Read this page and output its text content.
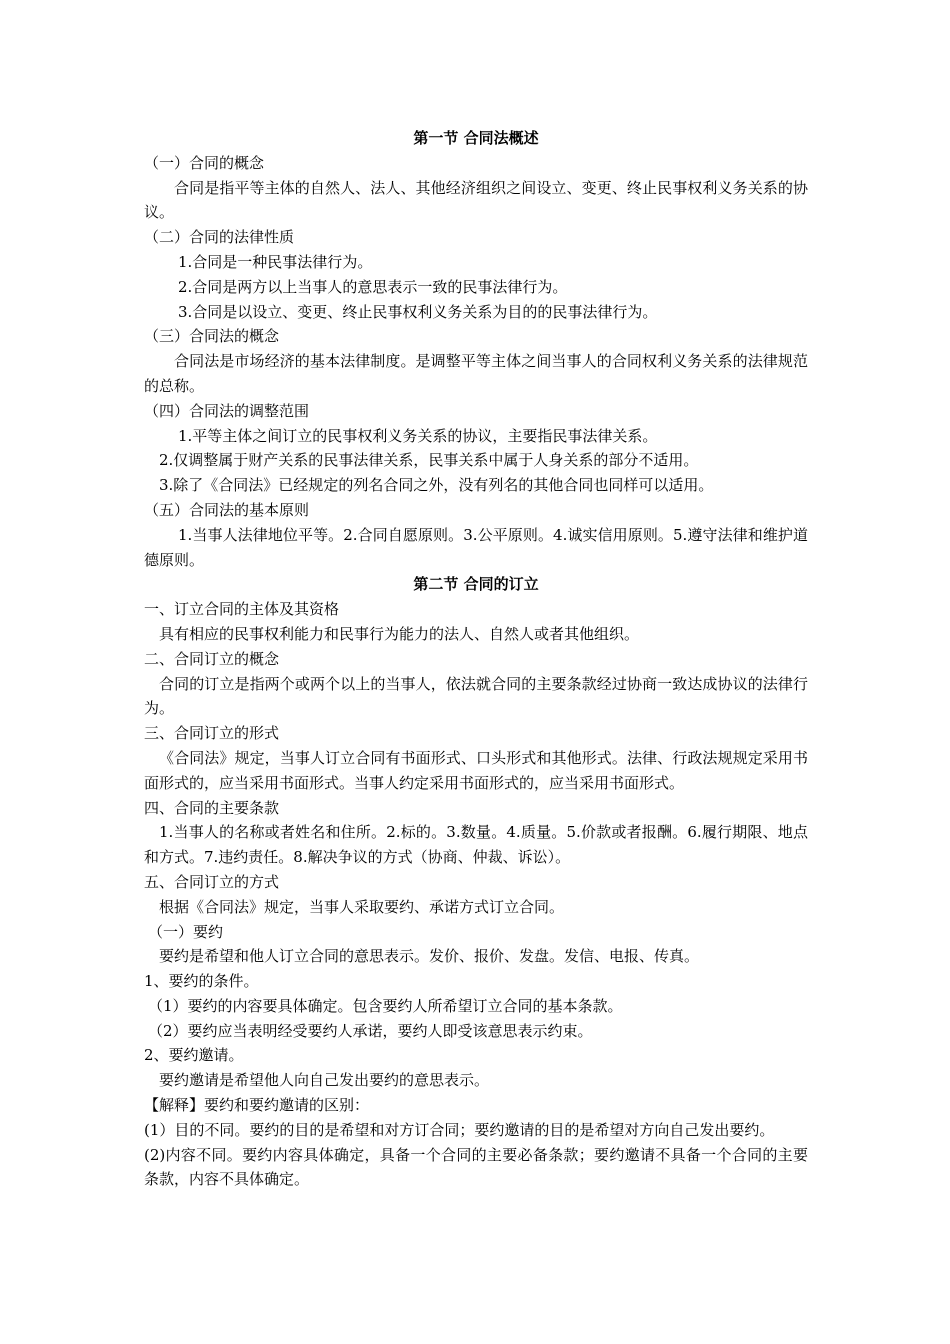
第一节 合同法概述
（一）合同的概念
合同是指平等主体的自然人、法人、其他经济组织之间设立、变更、终止民事权利义务关系的协议。
（二）合同的法律性质
1.合同是一种民事法律行为。
2.合同是两方以上当事人的意思表示一致的民事法律行为。
3.合同是以设立、变更、终止民事权利义务关系为目的的民事法律行为。
（三）合同法的概念
合同法是市场经济的基本法律制度。是调整平等主体之间当事人的合同权利义务关系的法律规范的总称。
（四）合同法的调整范围
1.平等主体之间订立的民事权利义务关系的协议，主要指民事法律关系。
2.仅调整属于财产关系的民事法律关系，民事关系中属于人身关系的部分不适用。
3.除了《合同法》已经规定的列名合同之外，没有列名的其他合同也同样可以适用。
（五）合同法的基本原则
1.当事人法律地位平等。2.合同自愿原则。3.公平原则。4.诚实信用原则。5.遵守法律和维护道德原则。
第二节 合同的订立
一、订立合同的主体及其资格
具有相应的民事权利能力和民事行为能力的法人、自然人或者其他组织。
二、合同订立的概念
合同的订立是指两个或两个以上的当事人，依法就合同的主要条款经过协商一致达成协议的法律行为。
三、合同订立的形式
《合同法》规定，当事人订立合同有书面形式、口头形式和其他形式。法律、行政法规规定采用书面形式的，应当采用书面形式。当事人约定采用书面形式的，应当采用书面形式。
四、合同的主要条款
1.当事人的名称或者姓名和住所。2.标的。3.数量。4.质量。5.价款或者报酬。6.履行期限、地点和方式。7.违约责任。8.解决争议的方式（协商、仲裁、诉讼）。
五、合同订立的方式
根据《合同法》规定，当事人采取要约、承诺方式订立合同。
（一）要约
要约是希望和他人订立合同的意思表示。发价、报价、发盘。发信、电报、传真。
1、要约的条件。
（1）要约的内容要具体确定。包含要约人所希望订立合同的基本条款。
（2）要约应当表明经受要约人承诺，要约人即受该意思表示约束。
2、要约邀请。
要约邀请是希望他人向自己发出要约的意思表示。
【解释】要约和要约邀请的区别：
(1）目的不同。要约的目的是希望和对方订合同；要约邀请的目的是希望对方向自己发出要约。
(2)内容不同。要约内容具体确定，具备一个合同的主要必备条款；要约邀请不具备一个合同的主要条款，内容不具体确定。
